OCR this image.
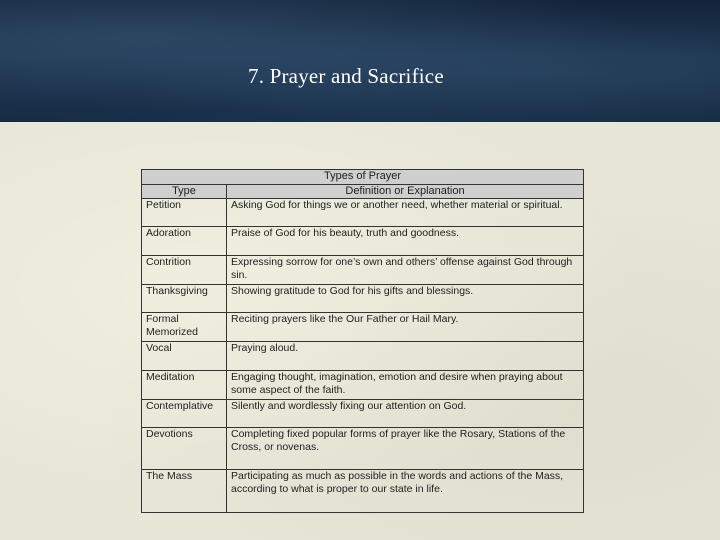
7. Prayer and Sacrifice
Types of Prayer	
Type	Definition or Explanation
Petition	Asking God for things we or another need, whether material or spiritual.
Adoration	Praise of God for his beauty, truth and goodness.
Contrition	Expressing sorrow for one’s own and others’ offense against God through sin.
Thanksgiving	Showing gratitude to God for his gifts and blessings.
Formal Memorized	Reciting prayers like the Our Father or Hail Mary.
Vocal	Praying aloud.
Meditation	Engaging thought, imagination, emotion and desire when praying about some aspect of the faith.
Contemplative	Silently and wordlessly fixing our attention on God.
Devotions	Completing fixed popular forms of prayer like the Rosary, Stations of the Cross, or novenas.
The Mass	Participating as much as possible in the words and actions of the Mass, according to what is proper to our state in life.
